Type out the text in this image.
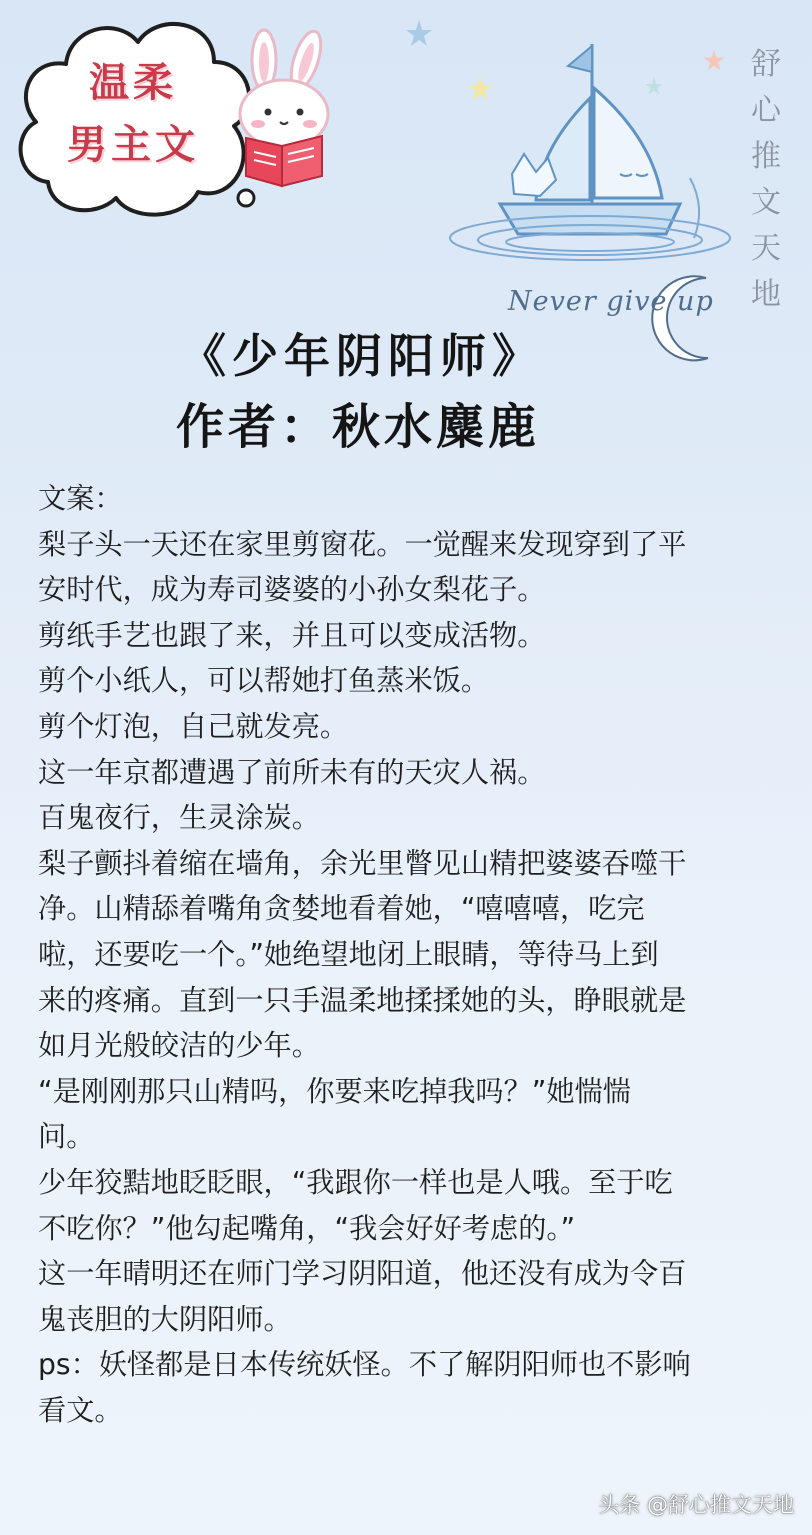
温柔
男主文
Never give up
舒
心
推
文
天
地
《少年阴阳师》
作者：秋水麋鹿
文案：
梨子头一天还在家里剪窗花。一觉醒来发现穿到了平
安时代，成为寿司婆婆的小孙女梨花子。
剪纸手艺也跟了来，并且可以变成活物。
剪个小纸人，可以帮她打鱼蒸米饭。
剪个灯泡，自己就发亮。
这一年京都遭遇了前所未有的天灾人祸。
百鬼夜行，生灵涂炭。
梨子颤抖着缩在墙角，余光里瞥见山精把婆婆吞噬干
净。山精舔着嘴角贪婪地看着她，“嘻嘻嘻，吃完
啦，还要吃一个。”她绝望地闭上眼睛，等待马上到
来的疼痛。直到一只手温柔地揉揉她的头，睁眼就是
如月光般皎洁的少年。
“是刚刚那只山精吗，你要来吃掉我吗？”她惴惴
问。
少年狡黠地眨眨眼，“我跟你一样也是人哦。至于吃
不吃你？”他勾起嘴角，“我会好好考虑的。”
这一年晴明还在师门学习阴阳道，他还没有成为令百
鬼丧胆的大阴阳师。
ps：妖怪都是日本传统妖怪。不了解阴阳师也不影响
看文。
头条 @舒心推文天地
